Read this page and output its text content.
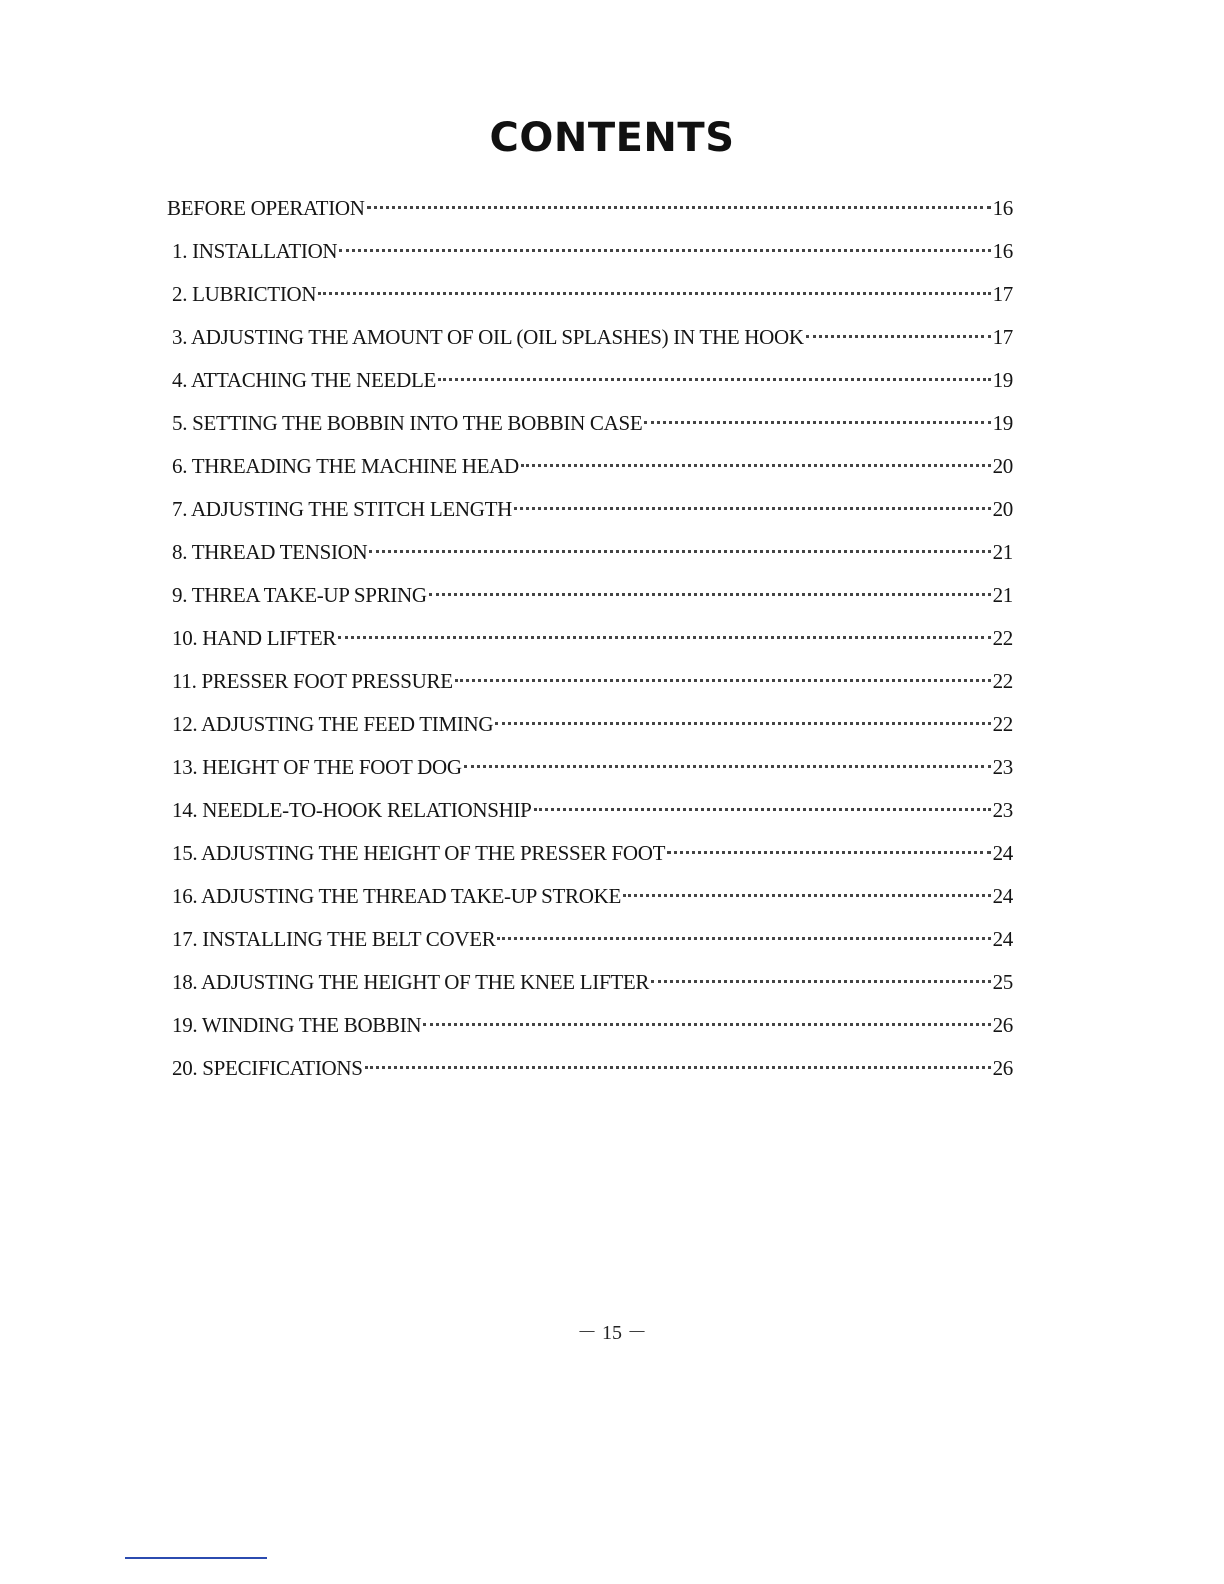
CONTENTS
BEFORE OPERATION	16
1. INSTALLATION	16
2. LUBRICTION	17
3. ADJUSTING THE AMOUNT OF OIL (OIL SPLASHES) IN THE HOOK	17
4. ATTACHING THE NEEDLE	19
5. SETTING THE BOBBIN INTO THE BOBBIN CASE	19
6. THREADING THE MACHINE HEAD	20
7. ADJUSTING THE STITCH LENGTH	20
8. THREAD TENSION	21
9. THREA TAKE-UP SPRING	21
10. HAND LIFTER	22
11. PRESSER FOOT PRESSURE	22
12. ADJUSTING THE FEED TIMING	22
13. HEIGHT OF THE FOOT DOG	23
14. NEEDLE-TO-HOOK RELATIONSHIP	23
15. ADJUSTING THE HEIGHT OF THE PRESSER FOOT	24
16. ADJUSTING THE THREAD TAKE-UP STROKE	24
17. INSTALLING THE BELT COVER	24
18. ADJUSTING THE HEIGHT OF THE KNEE LIFTER	25
19. WINDING THE BOBBIN	26
20. SPECIFICATIONS	26
－ 15 －
